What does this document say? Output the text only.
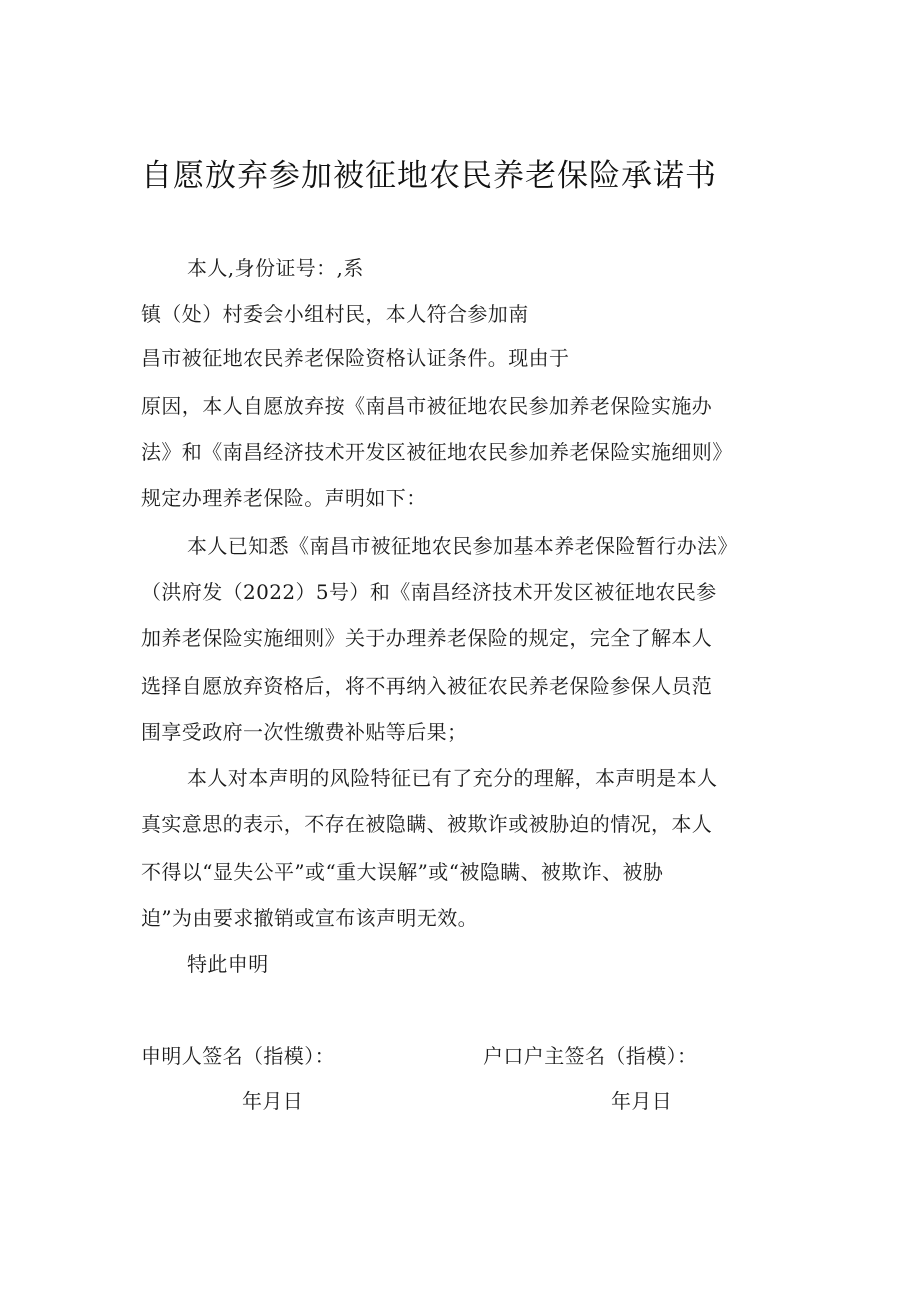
自愿放弃参加被征地农民养老保险承诺书
本人,身份证号：,系
镇（处）村委会小组村民，本人符合参加南
昌市被征地农民养老保险资格认证条件。现由于
原因，本人自愿放弃按《南昌市被征地农民参加养老保险实施办
法》和《南昌经济技术开发区被征地农民参加养老保险实施细则》
规定办理养老保险。声明如下：
本人已知悉《南昌市被征地农民参加基本养老保险暂行办法》
（洪府发（2022）5号）和《南昌经济技术开发区被征地农民参
加养老保险实施细则》关于办理养老保险的规定，完全了解本人
选择自愿放弃资格后，将不再纳入被征农民养老保险参保人员范
围享受政府一次性缴费补贴等后果；
本人对本声明的风险特征已有了充分的理解，本声明是本人
真实意思的表示，不存在被隐瞒、被欺诈或被胁迫的情况，本人
不得以“显失公平”或“重大误解”或“被隐瞒、被欺诈、被胁
迫”为由要求撤销或宣布该声明无效。
特此申明
申明人签名（指模）：	户口户主签名（指模）：
年月日	年月日
